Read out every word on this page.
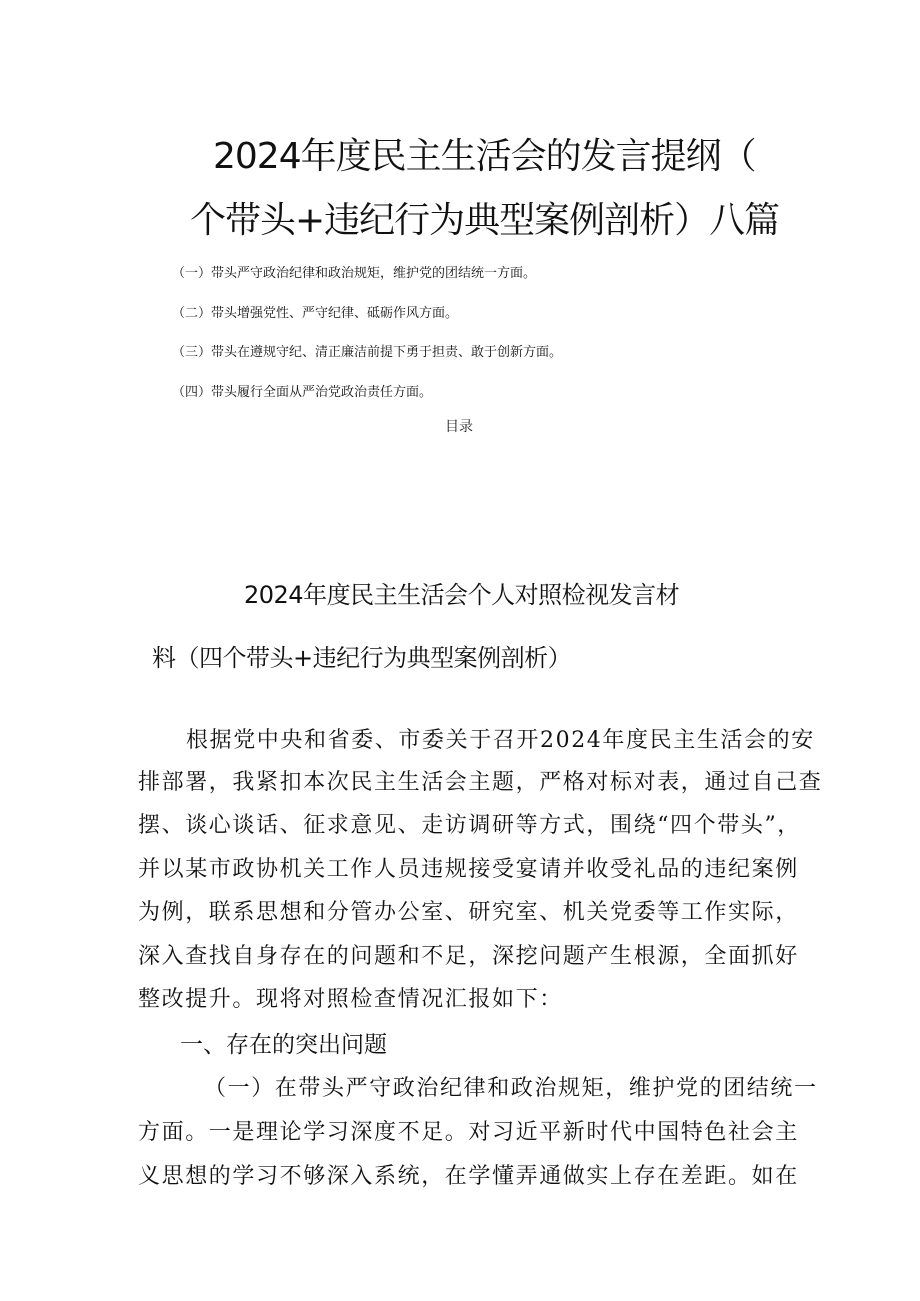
2024年度民主生活会的发言提纲（
个带头+违纪行为典型案例剖析）八篇
（一）带头严守政治纪律和政治规矩，维护党的团结统一方面。
（二）带头增强党性、严守纪律、砥砺作风方面。
（三）带头在遵规守纪、清正廉洁前提下勇于担责、敢于创新方面。
（四）带头履行全面从严治党政治责任方面。
目录
2024年度民主生活会个人对照检视发言材
料（四个带头+违纪行为典型案例剖析）
根据党中央和省委、市委关于召开2024年度民主生活会的安
排部署，我紧扣本次民主生活会主题，严格对标对表，通过自己查
摆、谈心谈话、征求意见、走访调研等方式，围绕“四个带头”，
并以某市政协机关工作人员违规接受宴请并收受礼品的违纪案例
为例，联系思想和分管办公室、研究室、机关党委等工作实际，
深入查找自身存在的问题和不足，深挖问题产生根源，全面抓好
整改提升。现将对照检查情况汇报如下：
一、存在的突出问题
（一）在带头严守政治纪律和政治规矩，维护党的团结统一
方面。一是理论学习深度不足。对习近平新时代中国特色社会主
义思想的学习不够深入系统，在学懂弄通做实上存在差距。如在
